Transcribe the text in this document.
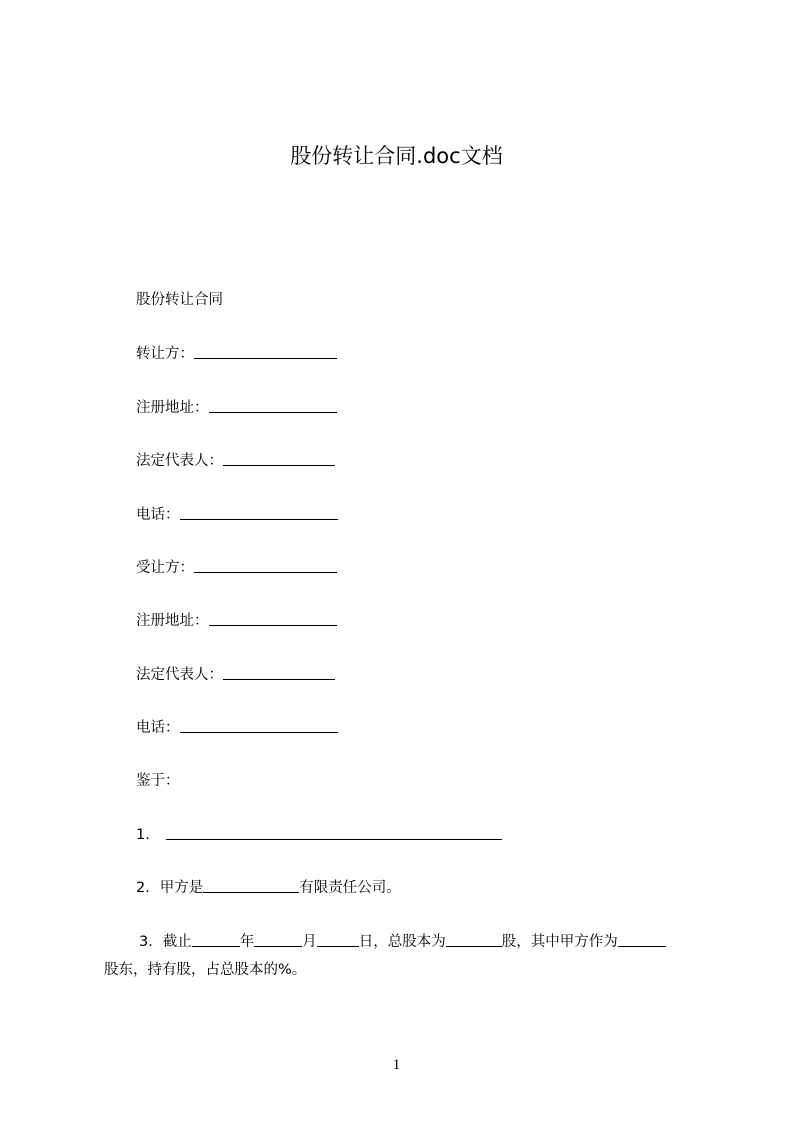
股份转让合同.doc文档
股份转让合同
转让方：
注册地址：
法定代表人：
电话：
受让方：
注册地址：
法定代表人：
电话：
鉴于：
1．
2．甲方是	有限责任公司。
3．截止	年	月	日，总股本为	股，其中甲方作为
股东，持有股，占总股本的%。
1
